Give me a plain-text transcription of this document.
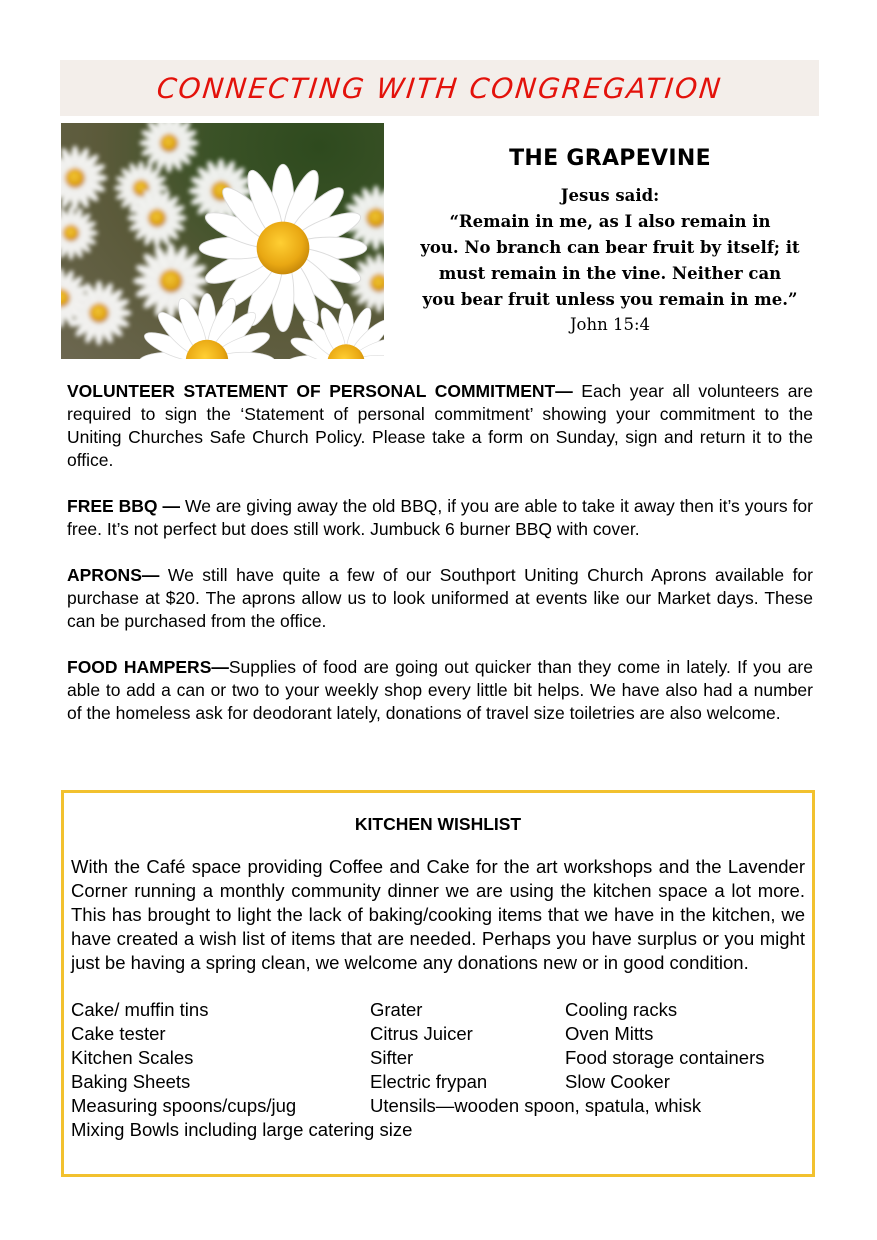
CONNECTING WITH CONGREGATION
THE GRAPEVINE
Jesus said:
“Remain in me, as I also remain in
you. No branch can bear fruit by itself; it
must remain in the vine. Neither can
you bear fruit unless you remain in me.”
John 15:4

VOLUNTEER STATEMENT OF PERSONAL COMMITMENT— Each year all volunteers are required to sign the ‘Statement of personal commitment’ showing your commitment to the Uniting Churches Safe Church Policy. Please take a form on Sunday, sign and return it to the office.

FREE BBQ — We are giving away the old BBQ, if you are able to take it away then it’s yours for free. It’s not perfect but does still work. Jumbuck 6 burner BBQ with cover.

APRONS— We still have quite a few of our Southport Uniting Church Aprons available for purchase at $20. The aprons allow us to look uniformed at events like our Market days. These can be purchased from the office.

FOOD HAMPERS—Supplies of food are going out quicker than they come in lately. If you are able to add a can or two to your weekly shop every little bit helps. We have also had a number of the homeless ask for deodorant lately, donations of travel size toiletries are also welcome.

KITCHEN WISHLIST
With the Café space providing Coffee and Cake for the art workshops and the Lavender Corner running a monthly community dinner we are using the kitchen space a lot more. This has brought to light the lack of baking/cooking items that we have in the kitchen, we have created a wish list of items that are needed. Perhaps you have surplus or you might just be having a spring clean, we welcome any donations new or in good condition.
Cake/ muffin tins	Grater	Cooling racks
Cake tester	Citrus Juicer	Oven Mitts
Kitchen Scales	Sifter	Food storage containers
Baking Sheets	Electric frypan	Slow Cooker
Measuring spoons/cups/jug	Utensils—wooden spoon, spatula, whisk
Mixing Bowls including large catering size
